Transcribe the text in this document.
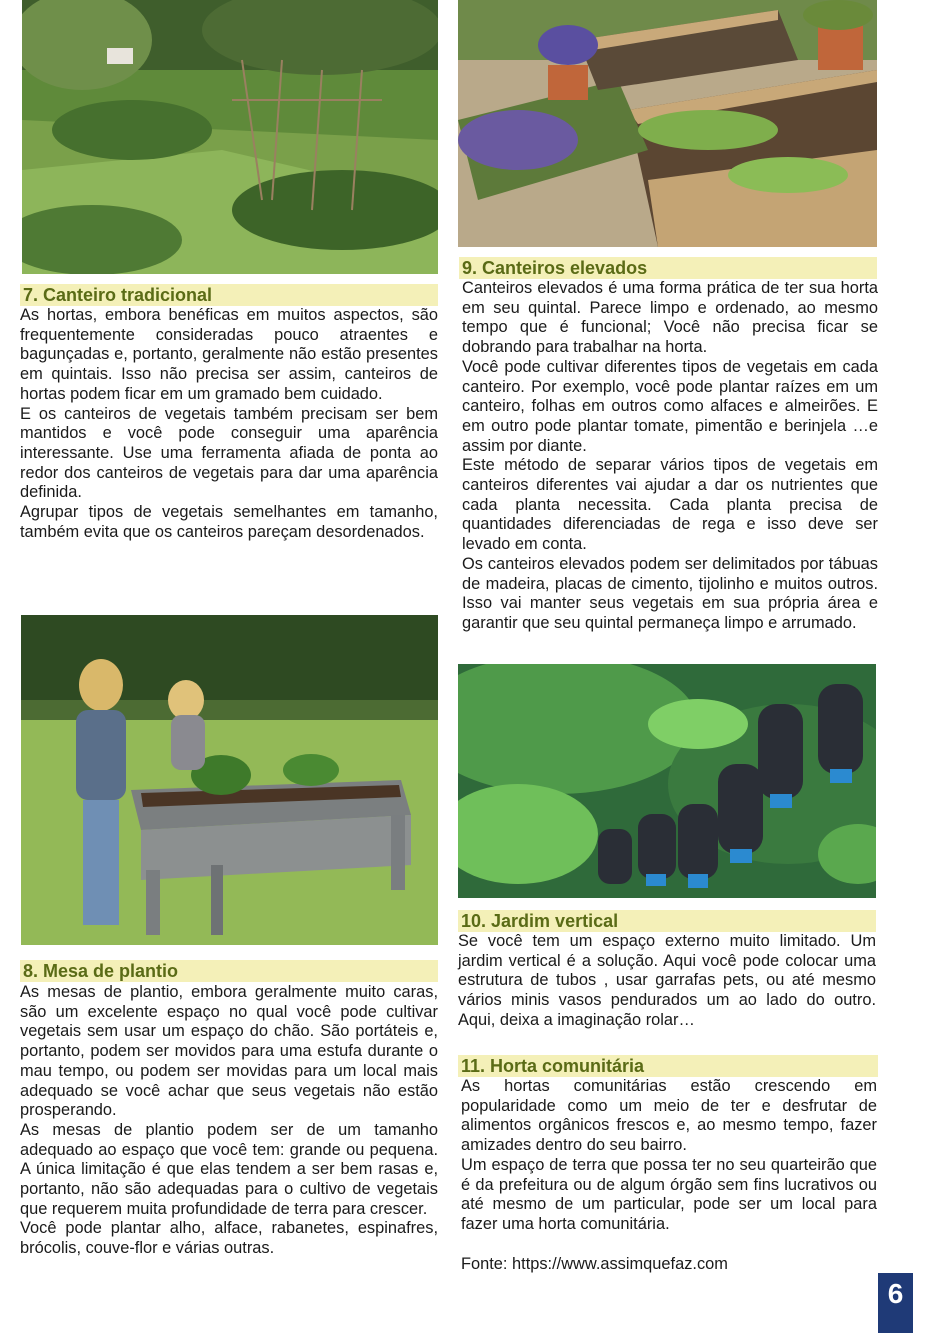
7. Canteiro tradicional

As hortas, embora benéficas em muitos aspectos, são frequentemente consideradas pouco atraentes e bagunçadas e, portanto, geralmente não estão presentes em quintais. Isso não precisa ser assim, canteiros de hortas podem ficar em um gramado bem cuidado.

E os canteiros de vegetais também precisam ser bem mantidos e você pode conseguir uma aparência interessante. Use uma ferramenta afiada de ponta ao redor dos canteiros de vegetais para dar uma aparência definida.

Agrupar tipos de vegetais semelhantes em tamanho, também evita que os canteiros pareçam desordenados.

8. Mesa de plantio

As mesas de plantio, embora geralmente muito caras, são um excelente espaço no qual você pode cultivar vegetais sem usar um espaço do chão. São portáteis e, portanto, podem ser movidos para uma estufa durante o mau tempo, ou podem ser movidas para um local mais adequado se você achar que seus vegetais não estão prosperando.

As mesas de plantio podem ser de um tamanho adequado ao espaço que você tem: grande ou pequena. A única limitação é que elas tendem a ser bem rasas e, portanto, não são adequadas para o cultivo de vegetais que requerem muita profundidade de terra para crescer.

Você pode plantar alho, alface, rabanetes, espinafres, brócolis, couve-flor e várias outras.

9. Canteiros elevados

Canteiros elevados é uma forma prática de ter sua horta em seu quintal. Parece limpo e ordenado, ao mesmo tempo que é funcional; Você não precisa ficar se dobrando para trabalhar na horta.

Você pode cultivar diferentes tipos de vegetais em cada canteiro. Por exemplo, você pode plantar raízes em um canteiro, folhas em outros como alfaces e almeirões. E em outro pode plantar tomate, pimentão e berinjela …e assim por diante.

Este método de separar vários tipos de vegetais em canteiros diferentes vai ajudar a dar os nutrientes que cada planta necessita. Cada planta precisa de quantidades diferenciadas de rega e isso deve ser levado em conta.

Os canteiros elevados podem ser delimitados por tábuas de madeira, placas de cimento, tijolinho e muitos outros. Isso vai manter seus vegetais em sua própria área e garantir que seu quintal permaneça limpo e arrumado.

10. Jardim vertical

Se você tem um espaço externo muito limitado. Um jardim vertical é a solução. Aqui você pode colocar uma estrutura de tubos , usar garrafas pets, ou até mesmo vários minis vasos pendurados um ao lado do outro. Aqui, deixa a imaginação rolar…

11. Horta comunitária

As hortas comunitárias estão crescendo em popularidade como um meio de ter e desfrutar de alimentos orgânicos frescos e, ao mesmo tempo, fazer amizades dentro do seu bairro.

Um espaço de terra que possa ter no seu quarteirão que é da prefeitura ou de algum órgão sem fins lucrativos ou até mesmo de um particular, pode ser um local para fazer uma horta comunitária.

Fonte: https://www.assimquefaz.com
6
